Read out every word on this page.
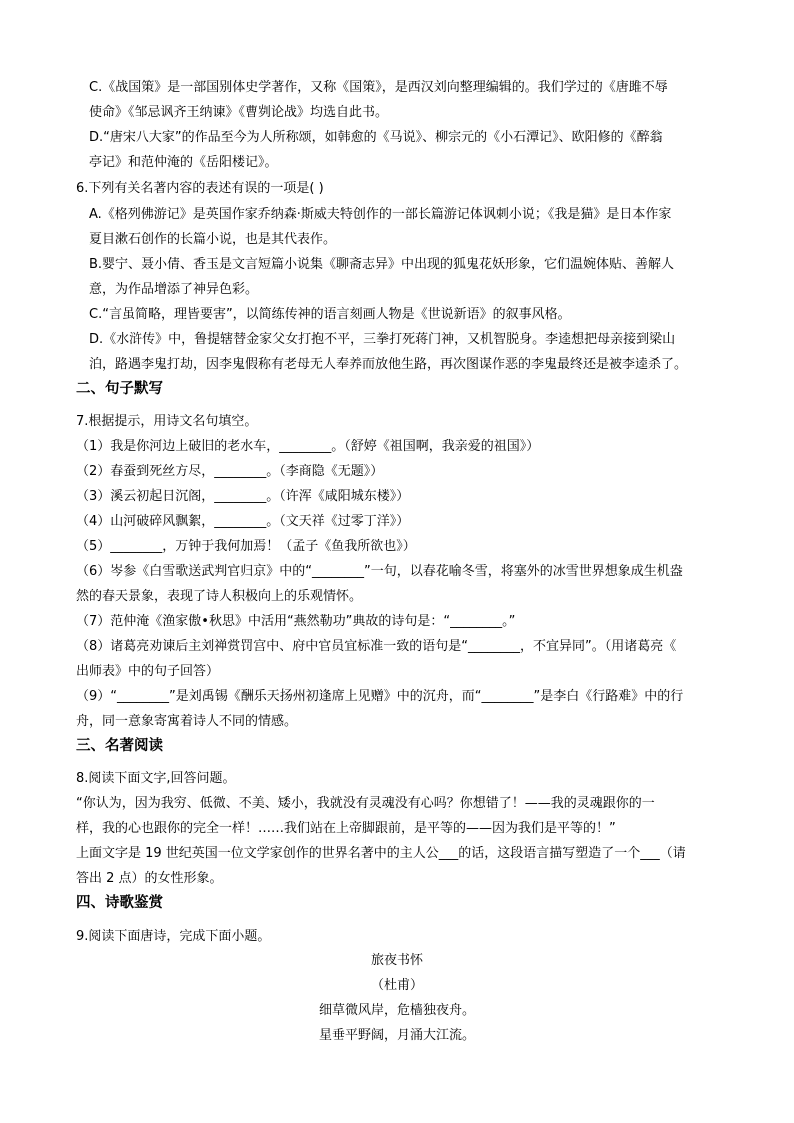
C.《战国策》是一部国别体史学著作，又称《国策》，是西汉刘向整理编辑的。我们学过的《唐雎不辱
使命》《邹忌讽齐王纳谏》《曹刿论战》均选自此书。
D.“唐宋八大家”的作品至今为人所称颂，如韩愈的《马说》、柳宗元的《小石潭记》、欧阳修的《醉翁
亭记》和范仲淹的《岳阳楼记》。
6.下列有关名著内容的表述有误的一项是( )
A.《格列佛游记》是英国作家乔纳森·斯威夫特创作的一部长篇游记体讽刺小说；《我是猫》是日本作家
夏目漱石创作的长篇小说，也是其代表作。
B.婴宁、聂小倩、香玉是文言短篇小说集《聊斋志异》中出现的狐鬼花妖形象，它们温婉体贴、善解人
意，为作品增添了神异色彩。
C.“言虽简略，理皆要害”，以简练传神的语言刻画人物是《世说新语》的叙事风格。
D.《水浒传》中，鲁提辖替金家父女打抱不平，三拳打死蒋门神，又机智脱身。李逵想把母亲接到梁山
泊，路遇李鬼打劫，因李鬼假称有老母无人奉养而放他生路，再次图谋作恶的李鬼最终还是被李逵杀了。
二、句子默写
7.根据提示，用诗文名句填空。
（1）我是你河边上破旧的老水车，________。（舒婷《祖国啊，我亲爱的祖国》）
（2）春蚕到死丝方尽，________。（李商隐《无题》）
（3）溪云初起日沉阁，________。（许浑《咸阳城东楼》）
（4）山河破碎风飘絮，________。（文天祥《过零丁洋》）
（5）________，万钟于我何加焉！（孟子《鱼我所欲也》）
（6）岑参《白雪歌送武判官归京》中的“________”一句，以春花喻冬雪，将塞外的冰雪世界想象成生机盎
然的春天景象，表现了诗人积极向上的乐观情怀。
（7）范仲淹《渔家傲•秋思》中活用“燕然勒功”典故的诗句是：“________。”
（8）诸葛亮劝谏后主刘禅赏罚宫中、府中官员宜标准一致的语句是“________，不宜异同”。（用诸葛亮《
出师表》中的句子回答）
（9）“________”是刘禹锡《酬乐天扬州初逢席上见赠》中的沉舟，而“________”是李白《行路难》中的行
舟，同一意象寄寓着诗人不同的情感。
三、名著阅读
8.阅读下面文字,回答问题。
“你认为，因为我穷、低微、不美、矮小，我就没有灵魂没有心吗？你想错了！——我的灵魂跟你的一
样，我的心也跟你的完全一样！……我们站在上帝脚跟前，是平等的——因为我们是平等的！”
上面文字是 19 世纪英国一位文学家创作的世界名著中的主人公___的话，这段语言描写塑造了一个___（请
答出 2 点）的女性形象。
四、诗歌鉴赏
9.阅读下面唐诗，完成下面小题。
旅夜书怀
（杜甫）
细草微风岸，危樯独夜舟。
星垂平野阔，月涌大江流。
